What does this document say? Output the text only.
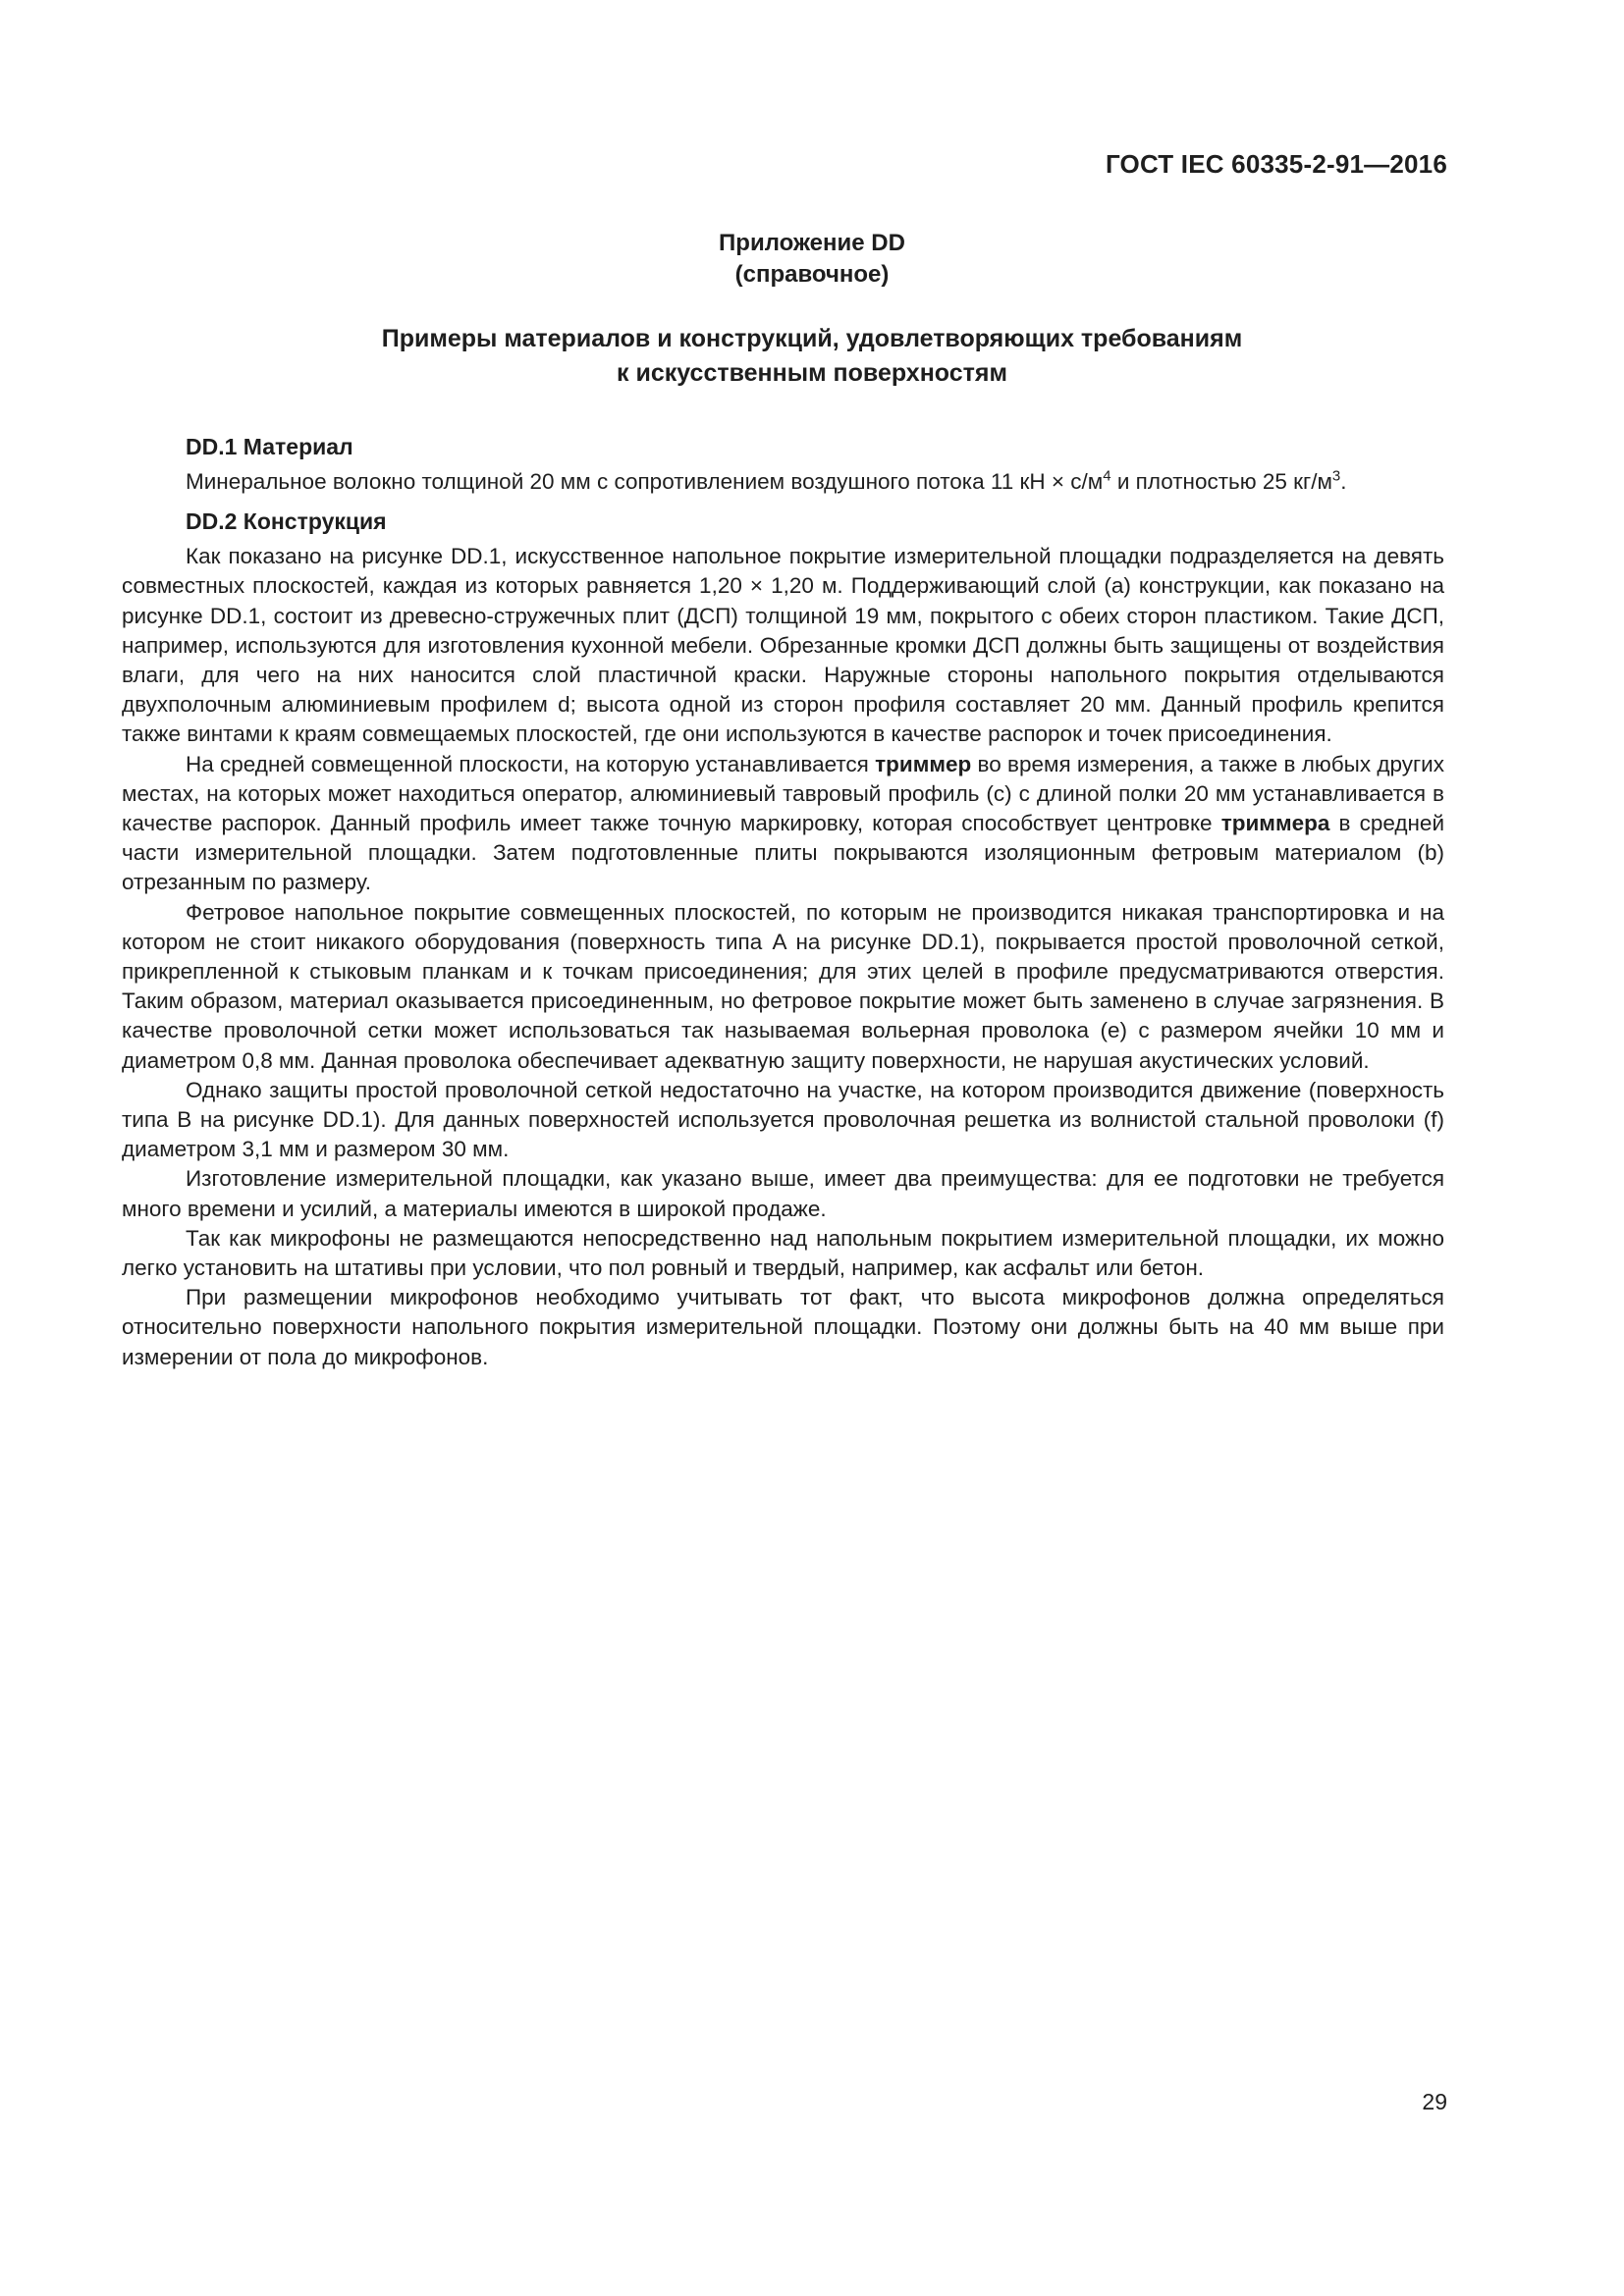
ГОСТ IEC 60335-2-91—2016
Приложение DD
(справочное)
Примеры материалов и конструкций, удовлетворяющих требованиям
к искусственным поверхностям
DD.1 Материал

Минеральное волокно толщиной 20 мм с сопротивлением воздушного потока 11 кН × $с/м^4$ и плотностью 25 $кг/м^3$.

DD.2 Конструкция

Как показано на рисунке DD.1, искусственное напольное покрытие измерительной площадки подразделяется на девять совместных плоскостей, каждая из которых равняется 1,20 × 1,20 м. Поддерживающий слой (a) конструкции, как показано на рисунке DD.1, состоит из древесно-стружечных плит (ДСП) толщиной 19 мм, покрытого с обеих сторон пластиком. Такие ДСП, например, используются для изготовления кухонной мебели. Обрезанные кромки ДСП должны быть защищены от воздействия влаги, для чего на них наносится слой пластичной краски. Наружные стороны напольного покрытия отделываются двухполочным алюминиевым профилем d; высота одной из сторон профиля составляет 20 мм. Данный профиль крепится также винтами к краям совмещаемых плоскостей, где они используются в качестве распорок и точек присоединения.

На средней совмещенной плоскости, на которую устанавливается триммер во время измерения, а также в любых других местах, на которых может находиться оператор, алюминиевый тавровый профиль (c) с длиной полки 20 мм устанавливается в качестве распорок. Данный профиль имеет также точную маркировку, которая способствует центровке триммера в средней части измерительной площадки. Затем подготовленные плиты покрываются изоляционным фетровым материалом (b) отрезанным по размеру.

Фетровое напольное покрытие совмещенных плоскостей, по которым не производится никакая транспортировка и на котором не стоит никакого оборудования (поверхность типа A на рисунке DD.1), покрывается простой проволочной сеткой, прикрепленной к стыковым планкам и к точкам присоединения; для этих целей в профиле предусматриваются отверстия. Таким образом, материал оказывается присоединенным, но фетровое покрытие может быть заменено в случае загрязнения. В качестве проволочной сетки может использоваться так называемая вольерная проволока (e) с размером ячейки 10 мм и диаметром 0,8 мм. Данная проволока обеспечивает адекватную защиту поверхности, не нарушая акустических условий.

Однако защиты простой проволочной сеткой недостаточно на участке, на котором производится движение (поверхность типа B на рисунке DD.1). Для данных поверхностей используется проволочная решетка из волнистой стальной проволоки (f) диаметром 3,1 мм и размером 30 мм.

Изготовление измерительной площадки, как указано выше, имеет два преимущества: для ее подготовки не требуется много времени и усилий, а материалы имеются в широкой продаже.

Так как микрофоны не размещаются непосредственно над напольным покрытием измерительной площадки, их можно легко установить на штативы при условии, что пол ровный и твердый, например, как асфальт или бетон.

При размещении микрофонов необходимо учитывать тот факт, что высота микрофонов должна определяться относительно поверхности напольного покрытия измерительной площадки. Поэтому они должны быть на 40 мм выше при измерении от пола до микрофонов.

29
